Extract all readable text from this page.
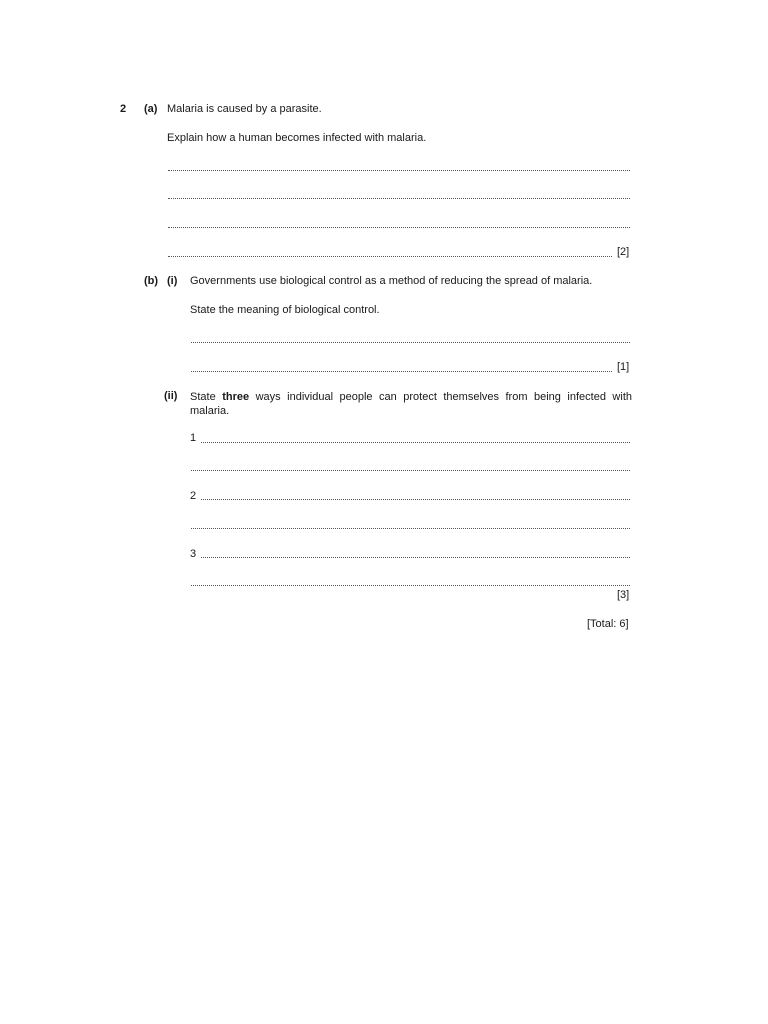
2 (a) Malaria is caused by a parasite.
Explain how a human becomes infected with malaria.
[2]
(b) (i) Governments use biological control as a method of reducing the spread of malaria.
State the meaning of biological control.
[1]
(ii) State three ways individual people can protect themselves from being infected with malaria.
1
2
3
[3]
[Total: 6]
